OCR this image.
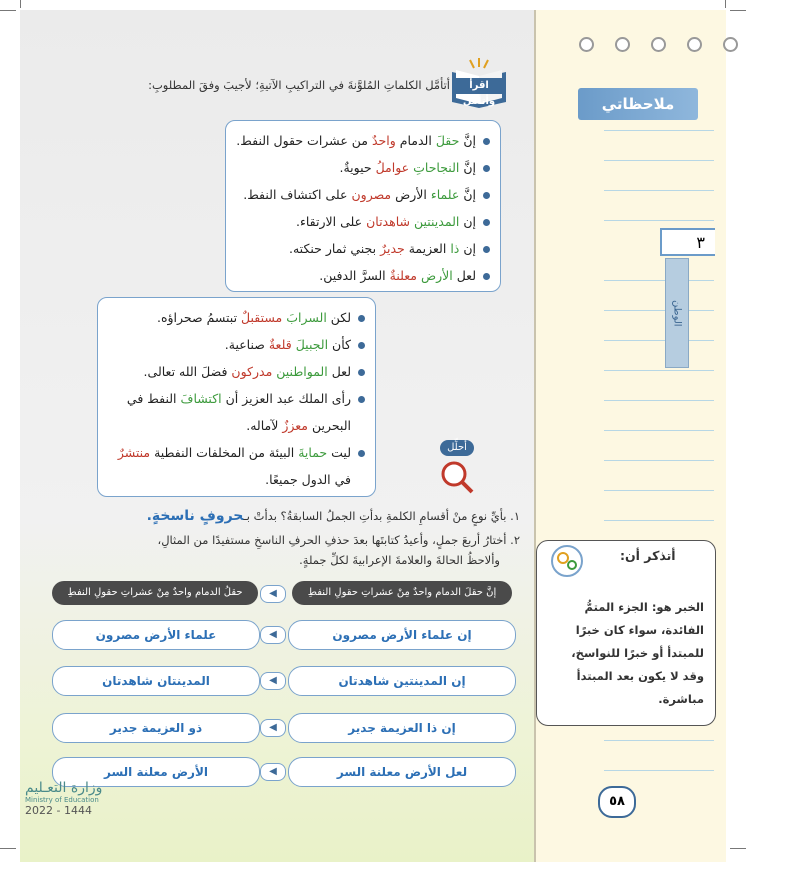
ملاحظاتي
٣
الوطن
اقرأ وأتأمل
أتأمَّل الكلماتِ المُلوَّنةَ في التراكيبِ الآتيةِ؛ لأجيبَ وفقَ المطلوبِ:
إنَّ حقلَ الدمام واحدٌ من عشرات حقول النفط.
إنَّ النجاحاتِ عواملُ حيويةٌ.
إنَّ علماء الأرض مصرون على اكتشاف النفط.
إن المدينتين شاهدتان على الارتقاء.
إن ذا العزيمة جديرٌ بجني ثمار حنكته.
لعل الأرض معلنةٌ السرَّ الدفين.
لكن السرابَ مستقبلٌ تبتسمُ صحراؤه.
كأن الجبيلَ قلعةٌ صناعية.
لعل المواطنين مدركون فضلَ الله تعالى.
رأى الملك عبد العزيز أن اكتشافَ النفط في البحرين معززٌ لآماله.
ليت حمايةَ البيئة من المخلفات النفطية منتشرٌ في الدول جميعًا.
أحلِّل
١. بأيِّ نوعٍ منْ أقسامِ الكلمةِ بدأتِ الجملُ السابقةُ؟ بدأتْ بـحروفٍ ناسخةٍ.
٢. أختارُ أربعَ جملٍ، وأعيدُ كتابتَها بعدَ حذفِ الحرفِ الناسخِ مستفيدًا من المثالِ،
وألاحظُ الحالةَ والعلامةَ الإعرابيةَ لكلِّ جملةٍ.
إنَّ حقلَ الدمام واحدٌ مِنْ عشراتِ حقولِ النفطِ
◀
حقلُ الدمام واحدٌ مِنْ عشراتِ حقولِ النفطِ
إن علماء الأرض مصرون
◀
علماء الأرض مصرون
إن المدينتين شاهدتان
◀
المدينتان شاهدتان
إن ذا العزيمة جدير
◀
ذو العزيمة جدير
لعل الأرض معلنة السر
◀
الأرض معلنة السر
أتذكر أن:
الخبر هو: الجزء المتمُّ الفائدة، سواء كان خبرًا للمبتدأ أو خبرًا للنواسخ، وقد لا يكون بعد المبتدأ مباشرة.
٥٨
وزارة التعـليم
Ministry of Education
2022 - 1444
